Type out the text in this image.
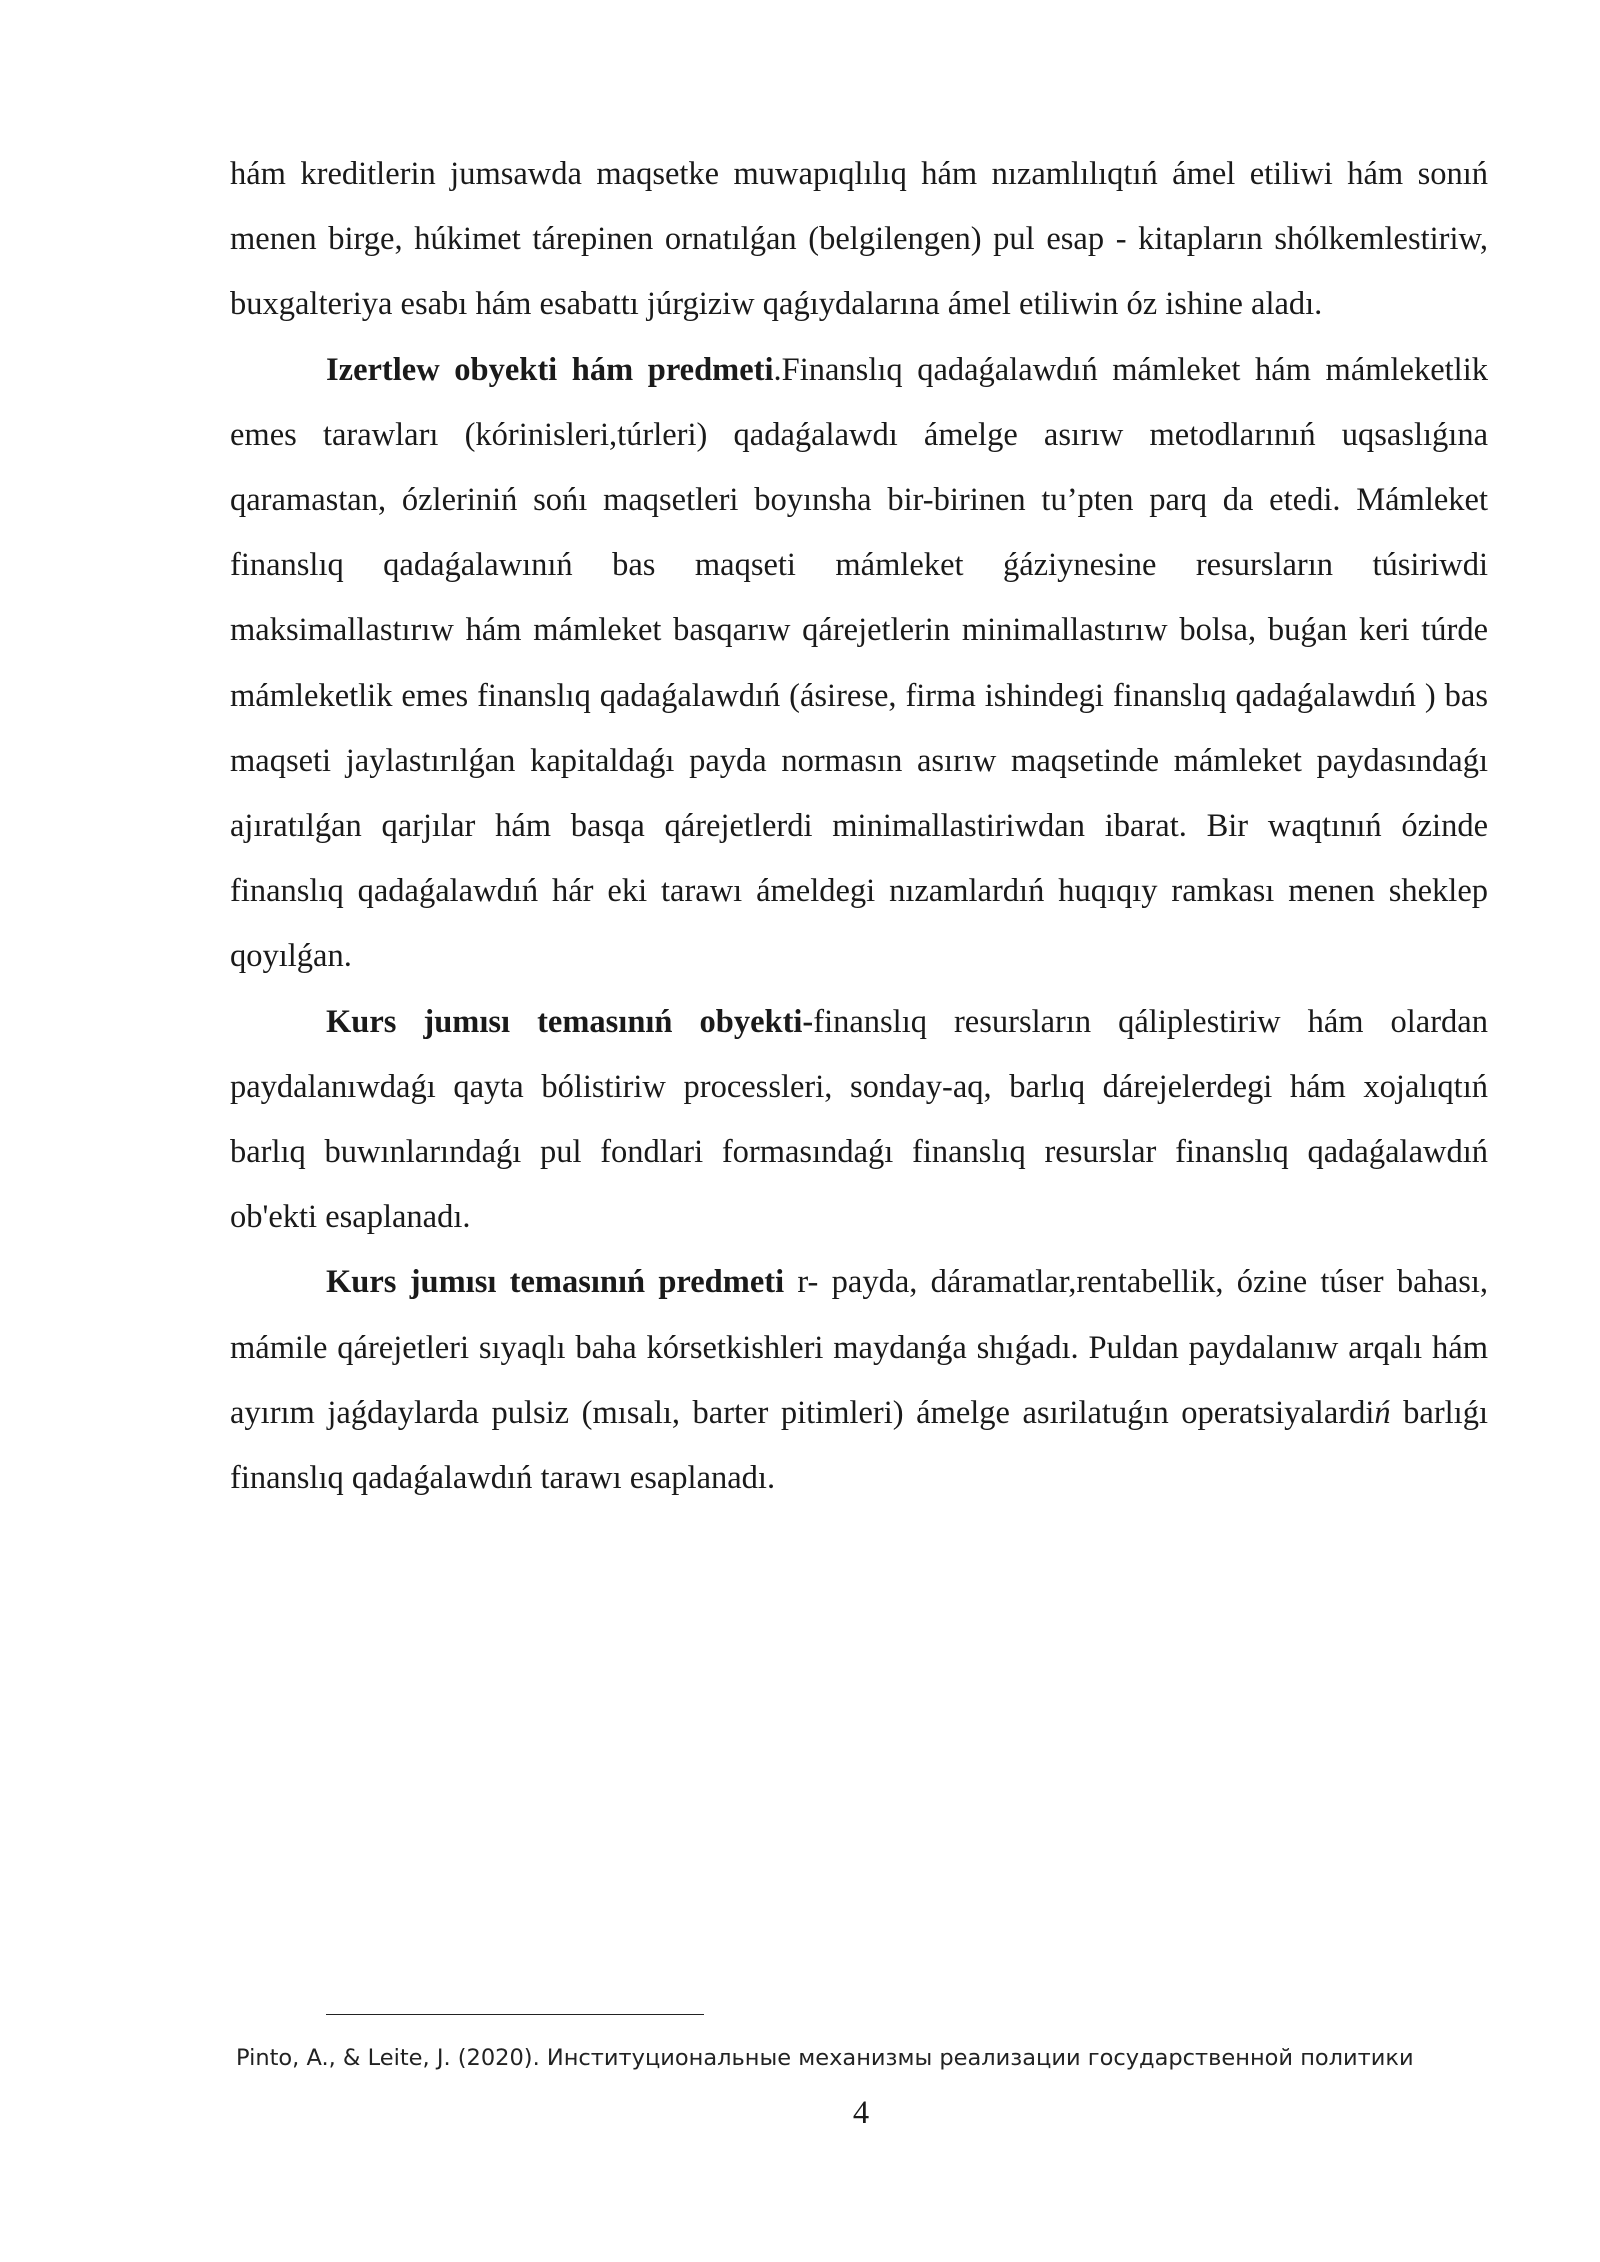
hám kreditlerin jumsawda maqsetke muwapıqlılıq hám nızamlılıqtıń ámel etiliwi hám sonıń menen birge, húkimet tárepinen ornatılǵan (belgilengen) pul esap - kitapların shólkemlestiriw, buxgalteriya esabı hám esabattı júrgiziw qaǵıydalarına ámel etiliwin óz ishine aladı.

Izertlew obyekti hám predmeti.Finanslıq qadaǵalawdıń mámleket hám mámleketlik emes tarawları (kórinisleri,túrleri) qadaǵalawdı ámelge asırıw metodlarınıń uqsaslıǵına qaramastan, ózleriniń sońı maqsetleri boyınsha bir-birinen tu’pten parq da etedi. Mámleket finanslıq qadaǵalawınıń bas maqseti mámleket ǵáziynesine resursların túsiriwdi maksimallastırıw hám mámleket basqarıw qárejetlerin minimallastırıw bolsa, buǵan keri túrde mámleketlik emes finanslıq qadaǵalawdıń (ásirese, firma ishindegi finanslıq qadaǵalawdıń ) bas maqseti jaylastırılǵan kapitaldaǵı payda normasın asırıw maqsetinde mámleket paydasındaǵı ajıratılǵan qarjılar hám basqa qárejetlerdi minimallastiriwdan ibarat. Bir waqtınıń ózinde finanslıq qadaǵalawdıń hár eki tarawı ámeldegi nızamlardıń huqıqıy ramkası menen sheklep qoyılǵan.

Kurs jumısı temasınıń obyekti-finanslıq resursların qáliplestiriw hám olardan paydalanıwdaǵı qayta bólistiriw processleri, sonday-aq, barlıq dárejelerdegi hám xojalıqtıń barlıq buwınlarındaǵı pul fondlari formasındaǵı finanslıq resurslar finanslıq qadaǵalawdıń ob'ekti esaplanadı.

Kurs jumısı temasınıń predmeti r- payda, dáramatlar,rentabellik, ózine túser bahası, mámile qárejetleri sıyaqlı baha kórsetkishleri maydanǵa shıǵadı. Puldan paydalanıw arqalı hám ayırım jaǵdaylarda pulsiz (mısalı, barter pitimleri) ámelge asırilatuǵın operatsiyalardiń barlıǵı finanslıq qadaǵalawdıń tarawı esaplanadı.

Pinto, A., & Leite, J. (2020). Институциональные механизмы реализации государственной политики
4
